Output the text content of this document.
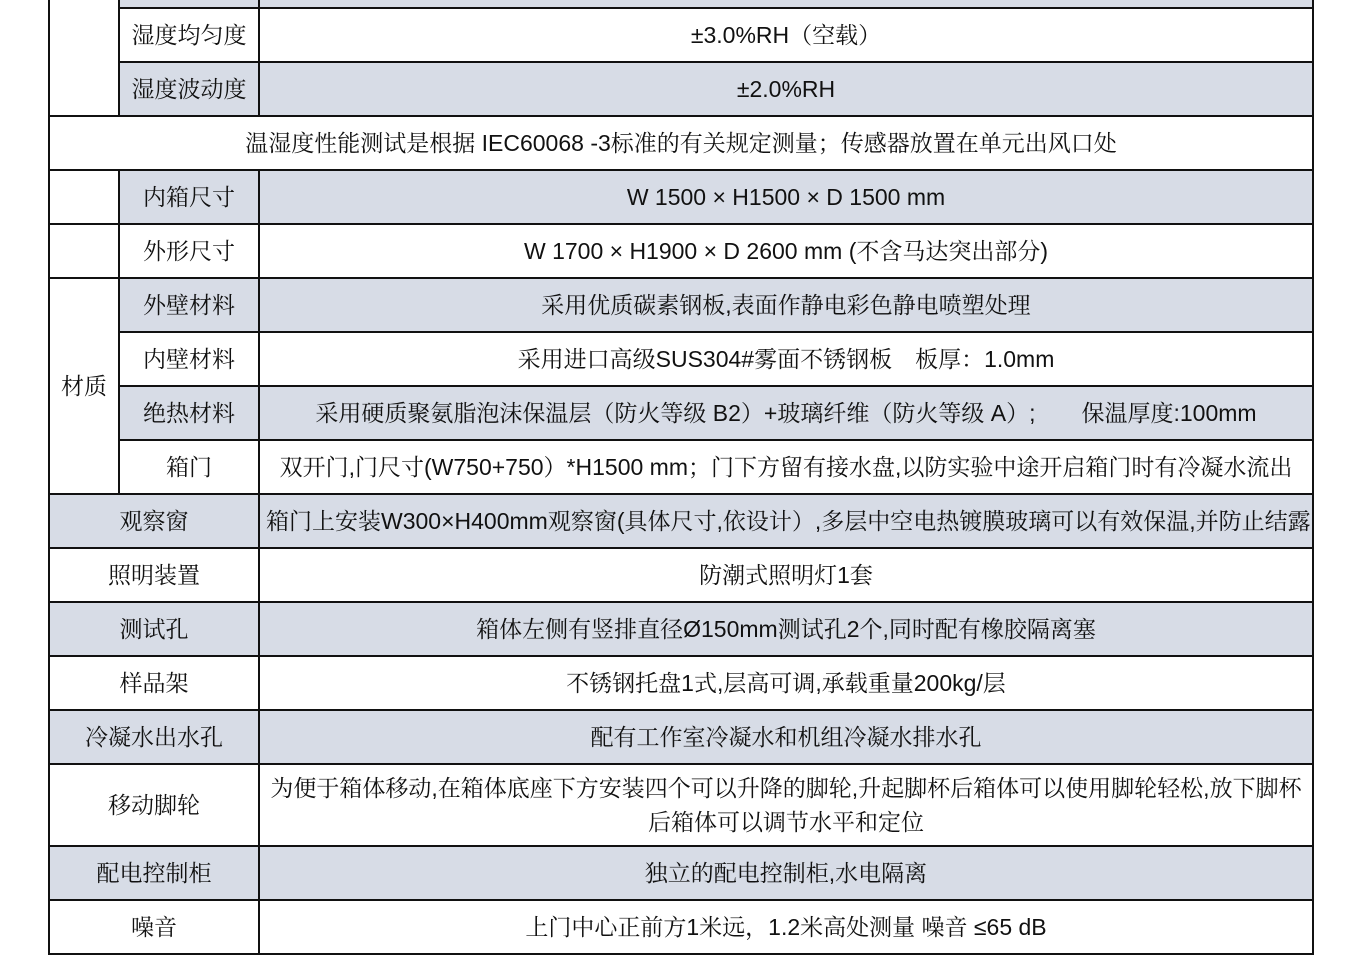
	湿度均匀度	±3.0%RH（空载）
	湿度波动度	±2.0%RH
温湿度性能测试是根据 IEC60068 -3标准的有关规定测量；传感器放置在单元出风口处		
	内箱尺寸	W 1500 × H1500 × D 1500 mm
	外形尺寸	W 1700 × H1900 × D 2600 mm (不含马达突出部分)
材质	外壁材料	采用优质碳素钢板,表面作静电彩色静电喷塑处理
	内壁材料	采用进口高级SUS304#雾面不锈钢板　板厚：1.0mm
	绝热材料	采用硬质聚氨脂泡沫保温层（防火等级 B2）+玻璃纤维（防火等级 A）;　　保温厚度:100mm
	箱门	双开门,门尺寸(W750+750）*H1500 mm；门下方留有接水盘,以防实验中途开启箱门时有冷凝水流出
观察窗		箱门上安装W300×H400mm观察窗(具体尺寸,依设计）,多层中空电热镀膜玻璃可以有效保温,并防止结露
照明装置		防潮式照明灯1套
测试孔		箱体左侧有竖排直径Ø150mm测试孔2个,同时配有橡胶隔离塞
样品架		不锈钢托盘1式,层高可调,承载重量200kg/层
冷凝水出水孔		配有工作室冷凝水和机组冷凝水排水孔
移动脚轮		为便于箱体移动,在箱体底座下方安装四个可以升降的脚轮,升起脚杯后箱体可以使用脚轮轻松,放下脚杯后箱体可以调节水平和定位
配电控制柜		独立的配电控制柜,水电隔离
噪音		上门中心正前方1米远，1.2米高处测量 噪音 ≤65 dB
